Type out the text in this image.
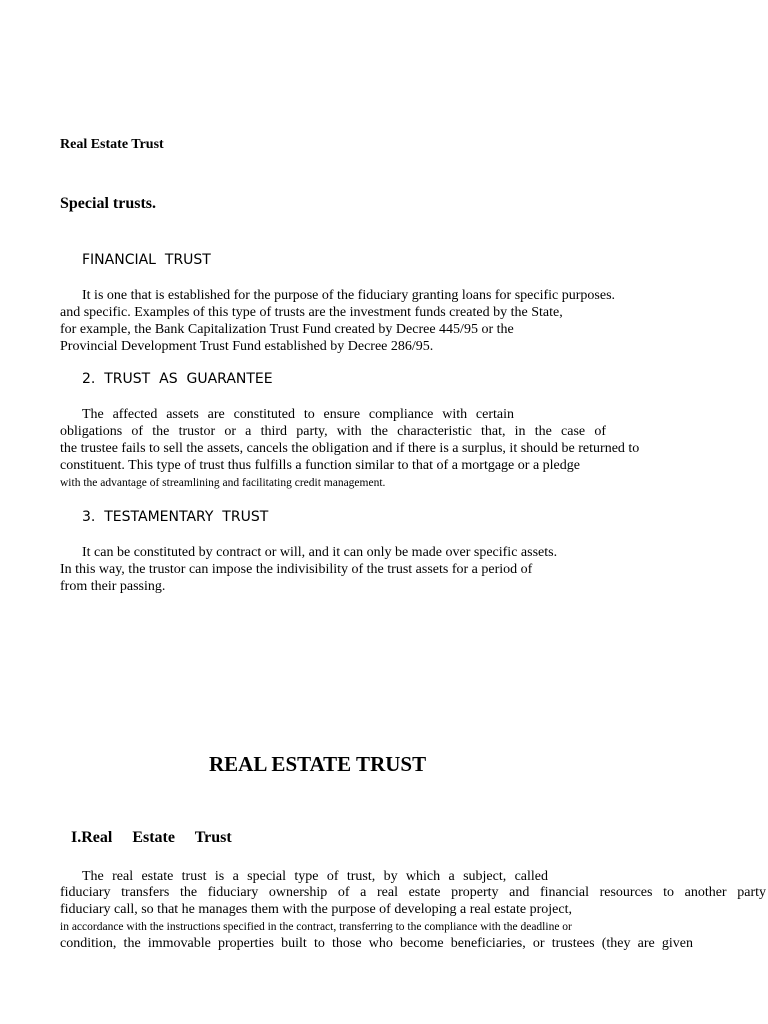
Real Estate Trust
Special trusts.
FINANCIAL  TRUST
It is one that is established for the purpose of the fiduciary granting loans for specific purposes.
and specific. Examples of this type of trusts are the investment funds created by the State,
for example, the Bank Capitalization Trust Fund created by Decree 445/95 or the
Provincial Development Trust Fund established by Decree 286/95.
2.  TRUST  AS  GUARANTEE
The affected assets are constituted to ensure compliance with certain
obligations of the trustor or a third party, with the characteristic that, in the case of
the trustee fails to sell the assets, cancels the obligation and if there is a surplus, it should be returned to
constituent. This type of trust thus fulfills a function similar to that of a mortgage or a pledge
with the advantage of streamlining and facilitating credit management.
3.  TESTAMENTARY  TRUST
It can be constituted by contract or will, and it can only be made over specific assets.
In this way, the trustor can impose the indivisibility of the trust assets for a period of
from their passing.
REAL ESTATE TRUST
I.Real     Estate     Trust
The real estate trust is a special type of trust, by which a subject, called
fiduciary transfers the fiduciary ownership of a real estate property and financial resources to another party
fiduciary call, so that he manages them with the purpose of developing a real estate project,
in accordance with the instructions specified in the contract, transferring to the compliance with the deadline or
condition, the immovable properties built to those who become beneficiaries, or trustees (they are given
